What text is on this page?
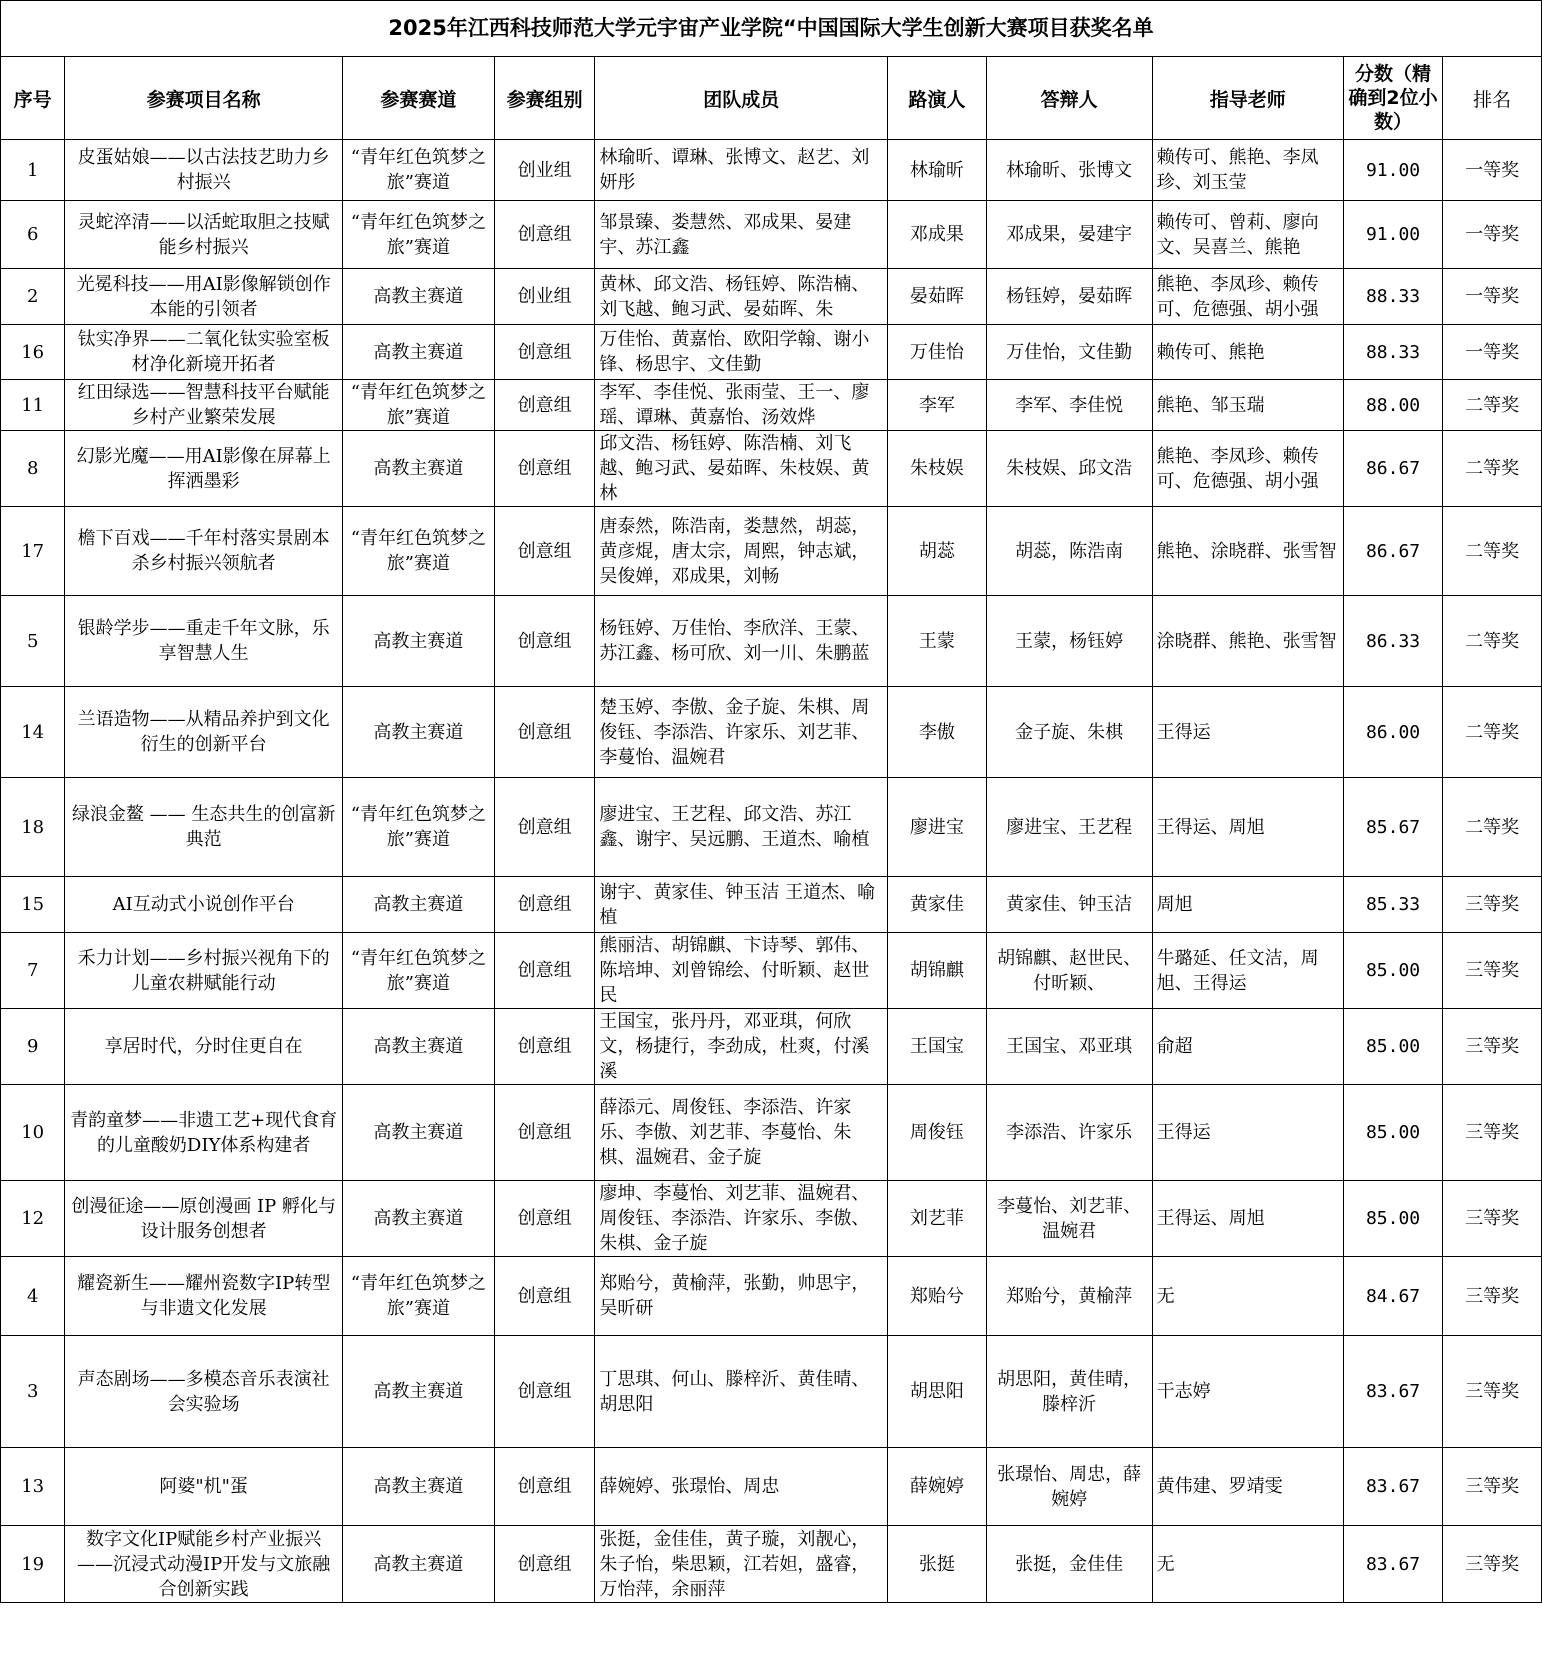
2025年江西科技师范大学元宇宙产业学院“中国国际大学生创新大赛项目获奖名单									
序号	参赛项目名称	参赛赛道	参赛组别	团队成员	路演人	答辩人	指导老师	分数（精确到2位小数）	排名
1	皮蛋姑娘——以古法技艺助力乡村振兴	“青年红色筑梦之旅”赛道	创业组	林瑜昕、谭琳、张博文、赵艺、刘妍彤	林瑜昕	林瑜昕、张博文	赖传可、熊艳、李凤珍、刘玉莹	91.00	一等奖
6	灵蛇淬清——以活蛇取胆之技赋能乡村振兴	“青年红色筑梦之旅”赛道	创意组	邹景臻、娄慧然、邓成果、晏建宇、苏江鑫	邓成果	邓成果，晏建宇	赖传可、曾莉、廖向文、吴喜兰、熊艳	91.00	一等奖
2	光冕科技——用AI影像解锁创作本能的引领者	高教主赛道	创业组	黄林、邱文浩、杨钰婷、陈浩楠、刘飞越、鲍习武、晏茹晖、朱	晏茹晖	杨钰婷，晏茹晖	熊艳、李凤珍、赖传可、危德强、胡小强	88.33	一等奖
16	钛实净界——二氧化钛实验室板材净化新境开拓者	高教主赛道	创意组	万佳怡、黄嘉怡、欧阳学翰、谢小锋、杨思宇、文佳勤	万佳怡	万佳怡，文佳勤	赖传可、熊艳	88.33	一等奖
11	红田绿选——智慧科技平台赋能乡村产业繁荣发展	“青年红色筑梦之旅”赛道	创意组	李军、李佳悦、张雨莹、王一、廖瑶、谭琳、黄嘉怡、汤效烨	李军	李军、李佳悦	熊艳、邹玉瑞	88.00	二等奖
8	幻影光魔——用AI影像在屏幕上挥洒墨彩	高教主赛道	创意组	邱文浩、杨钰婷、陈浩楠、刘飞越、鲍习武、晏茹晖、朱枝娱、黄林	朱枝娱	朱枝娱、邱文浩	熊艳、李凤珍、赖传可、危德强、胡小强	86.67	二等奖
17	檐下百戏——千年村落实景剧本杀乡村振兴领航者	“青年红色筑梦之旅”赛道	创意组	唐泰然，陈浩南，娄慧然，胡蕊，黄彦焜，唐太宗，周熙，钟志斌，吴俊婵，邓成果，刘畅	胡蕊	胡蕊，陈浩南	熊艳、涂晓群、张雪智	86.67	二等奖
5	银龄学步——重走千年文脉，乐享智慧人生	高教主赛道	创意组	杨钰婷、万佳怡、李欣洋、王蒙、苏江鑫、杨可欣、刘一川、朱鹏蓝	王蒙	王蒙，杨钰婷	涂晓群、熊艳、张雪智	86.33	二等奖
14	兰语造物——从精品养护到文化衍生的创新平台	高教主赛道	创意组	楚玉婷、李傲、金子旋、朱棋、周俊钰、李添浩、许家乐、刘艺菲、李蔓怡、温婉君	李傲	金子旋、朱棋	王得运	86.00	二等奖
18	绿浪金鳌 —— 生态共生的创富新典范	“青年红色筑梦之旅”赛道	创意组	廖进宝、王艺程、邱文浩、苏江鑫、谢宇、吴远鹏、王道杰、喻植	廖进宝	廖进宝、王艺程	王得运、周旭	85.67	二等奖
15	AI互动式小说创作平台	高教主赛道	创意组	谢宇、黄家佳、钟玉洁 王道杰、喻植	黄家佳	黄家佳、钟玉洁	周旭	85.33	三等奖
7	禾力计划——乡村振兴视角下的儿童农耕赋能行动	“青年红色筑梦之旅”赛道	创意组	熊丽洁、胡锦麒、卞诗琴、郭伟、陈培坤、刘曾锦绘、付昕颖、赵世民	胡锦麒	胡锦麒、赵世民、付昕颖、	牛璐延、任文洁，周旭、王得运	85.00	三等奖
9	享居时代，分时住更自在	高教主赛道	创意组	王国宝，张丹丹，邓亚琪，何欣文，杨捷行，李劲成，杜爽，付溪溪	王国宝	王国宝、邓亚琪	俞超	85.00	三等奖
10	青韵童梦——非遗工艺+现代食育的儿童酸奶DIY体系构建者	高教主赛道	创意组	薛添元、周俊钰、李添浩、许家乐、李傲、刘艺菲、李蔓怡、朱棋、温婉君、金子旋	周俊钰	李添浩、许家乐	王得运	85.00	三等奖
12	创漫征途——原创漫画 IP 孵化与设计服务创想者	高教主赛道	创意组	廖坤、李蔓怡、刘艺菲、温婉君、周俊钰、李添浩、许家乐、李傲、朱棋、金子旋	刘艺菲	李蔓怡、刘艺菲、温婉君	王得运、周旭	85.00	三等奖
4	耀瓷新生——耀州瓷数字IP转型与非遗文化发展	“青年红色筑梦之旅”赛道	创意组	郑贻兮，黄榆萍，张勤，帅思宇，吴昕研	郑贻兮	郑贻兮，黄榆萍	无	84.67	三等奖
3	声态剧场——多模态音乐表演社会实验场	高教主赛道	创意组	丁思琪、何山、滕梓沂、黄佳晴、胡思阳	胡思阳	胡思阳，黄佳晴，滕梓沂	干志婷	83.67	三等奖
13	阿婆"机"蛋	高教主赛道	创意组	薛婉婷、张璟怡、周忠	薛婉婷	张璟怡、周忠，薛婉婷	黄伟建、罗靖雯	83.67	三等奖
19	数字文化IP赋能乡村产业振兴——沉浸式动漫IP开发与文旅融合创新实践	高教主赛道	创意组	张挺，金佳佳，黄子璇，刘靓心，朱子怡，柴思颖，江若妲，盛睿，万怡萍，余丽萍	张挺	张挺，金佳佳	无	83.67	三等奖
